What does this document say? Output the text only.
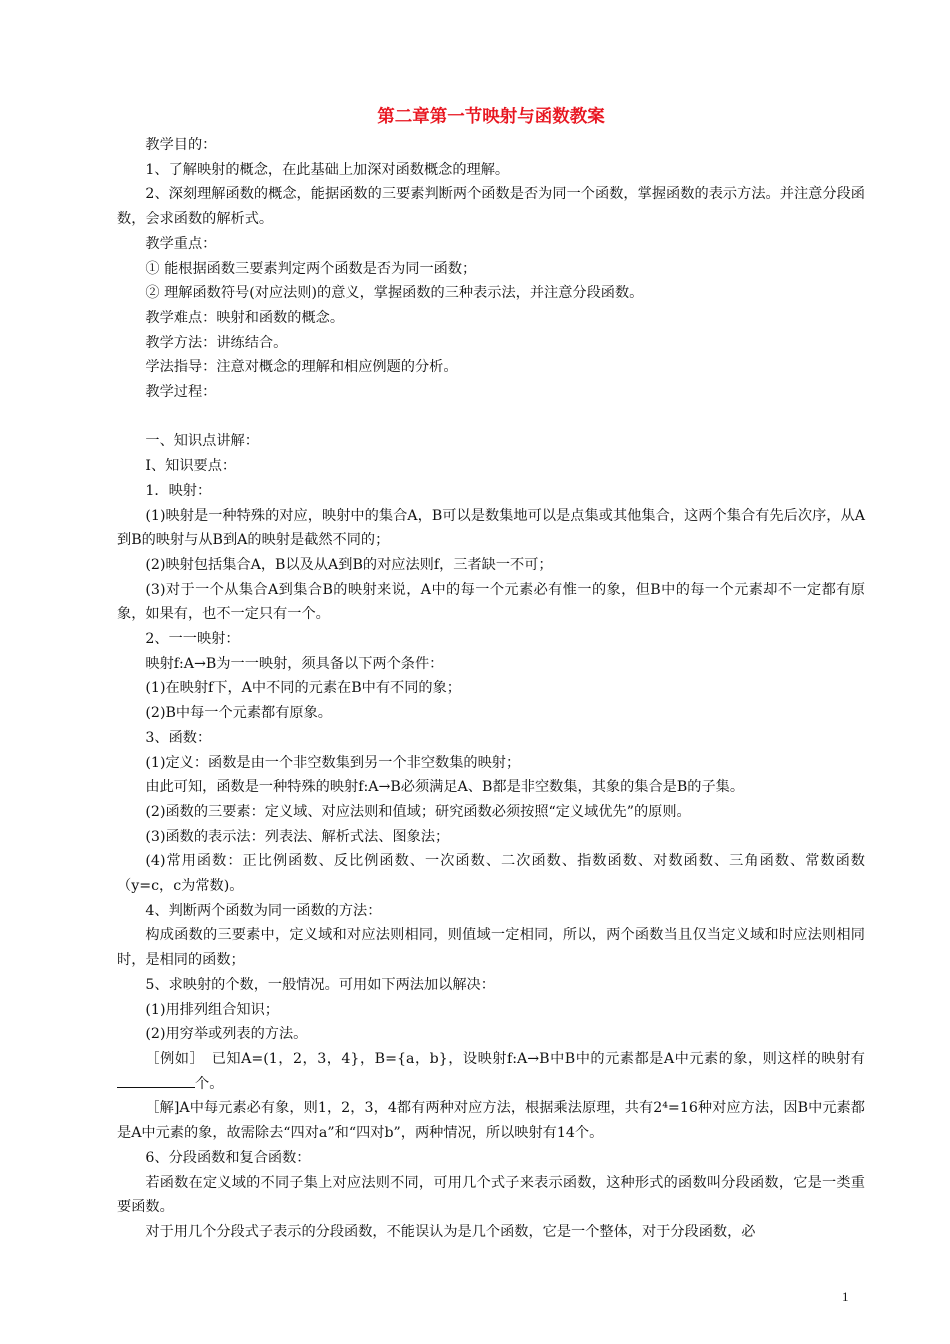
第二章第一节映射与函数教案

教学目的：

1、了解映射的概念，在此基础上加深对函数概念的理解。

2、深刻理解函数的概念，能据函数的三要素判断两个函数是否为同一个函数，掌握函数的表示方法。并注意分段函数，会求函数的解析式。

教学重点：

① 能根据函数三要素判定两个函数是否为同一函数；

② 理解函数符号(对应法则)的意义，掌握函数的三种表示法，并注意分段函数。

教学难点：映射和函数的概念。

教学方法：讲练结合。

学法指导：注意对概念的理解和相应例题的分析。

教学过程：

一、知识点讲解：

Ⅰ、知识要点：

1．映射：

(1)映射是一种特殊的对应，映射中的集合A，B可以是数集地可以是点集或其他集合，这两个集合有先后次序，从A到B的映射与从B到A的映射是截然不同的；

(2)映射包括集合A，B以及从A到B的对应法则f，三者缺一不可；

(3)对于一个从集合A到集合B的映射来说，A中的每一个元素必有惟一的象，但B中的每一个元素却不一定都有原象，如果有，也不一定只有一个。

2、一一映射：

映射f:A→B为一一映射，须具备以下两个条件：

(1)在映射f下，A中不同的元素在B中有不同的象；

(2)B中每一个元素都有原象。

3、函数：

(1)定义：函数是由一个非空数集到另一个非空数集的映射；

由此可知，函数是一种特殊的映射f:A→B必须满足A、B都是非空数集，其象的集合是B的子集。

(2)函数的三要素：定义域、对应法则和值域；研究函数必须按照“定义域优先”的原则。

(3)函数的表示法：列表法、解析式法、图象法；

(4)常用函数：正比例函数、反比例函数、一次函数、二次函数、指数函数、对数函数、三角函数、常数函数（y=c，c为常数)。

4、判断两个函数为同一函数的方法：

构成函数的三要素中，定义域和对应法则相同，则值域一定相同，所以，两个函数当且仅当定义域和时应法则相同时，是相同的函数；

5、求映射的个数，一般情况。可用如下两法加以解决：

(1)用排列组合知识；

(2)用穷举或列表的方法。

［例如］　已知A=(1，2，3，4}，B={a，b}，设映射f:A→B中B中的元素都是A中元素的象，则这样的映射有个。

［解]A中每元素必有象，则1，2，3，4都有两种对应方法，根据乘法原理，共有2⁴=16种对应方法，因B中元素都是A中元素的象，故需除去“四对a”和“四对b”，两种情况，所以映射有14个。

6、分段函数和复合函数：

若函数在定义域的不同子集上对应法则不同，可用几个式子来表示函数，这种形式的函数叫分段函数，它是一类重要函数。

对于用几个分段式子表示的分段函数，不能误认为是几个函数，它是一个整体，对于分段函数，必

1
